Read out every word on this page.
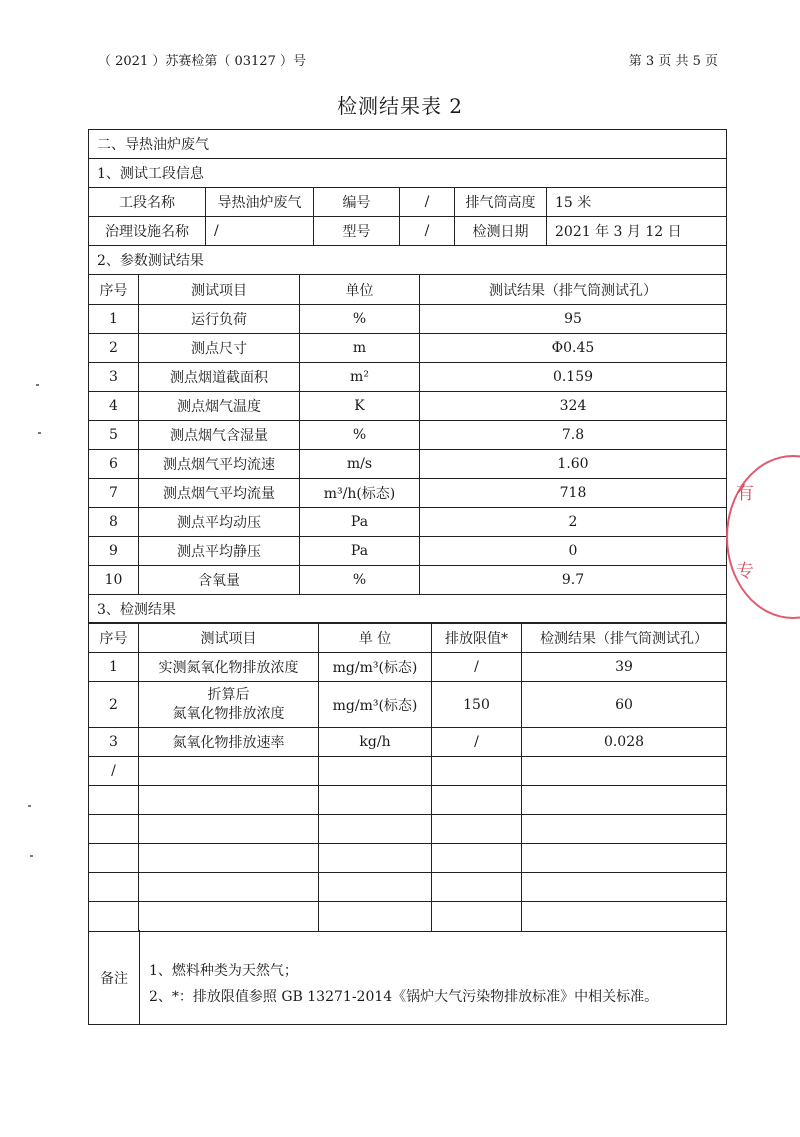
（ 2021 ）苏赛检第（ 03127 ）号	第 3 页 共 5 页
检测结果表 2
二、导热油炉废气					
1、测试工段信息					
工段名称	导热油炉废气	编号	/	排气筒高度	15 米
治理设施名称	/	型号	/	检测日期	2021 年 3 月 12 日
2、参数测试结果					
序号	测试项目	单位	测试结果（排气筒测试孔）
1	运行负荷	%	95
2	测点尺寸	m	Φ0.45
3	测点烟道截面积	m²	0.159
4	测点烟气温度	K	324
5	测点烟气含湿量	%	7.8
6	测点烟气平均流速	m/s	1.60
7	测点烟气平均流量	m³/h(标态)	718
8	测点平均动压	Pa	2
9	测点平均静压	Pa	0
10	含氧量	%	9.7
3、检测结果			
序号	测试项目	单 位	排放限值*	检测结果（排气筒测试孔）
1	实测氮氧化物排放浓度	mg/m³(标态)	/	39
2	折算后
氮氧化物排放浓度	mg/m³(标态)	150	60
3	氮氧化物排放速率	kg/h	/	0.028
/				

备注	1、燃料种类为天然气；
2、*：排放限值参照 GB 13271-2014《锅炉大气污染物排放标准》中相关标准。
有
专
